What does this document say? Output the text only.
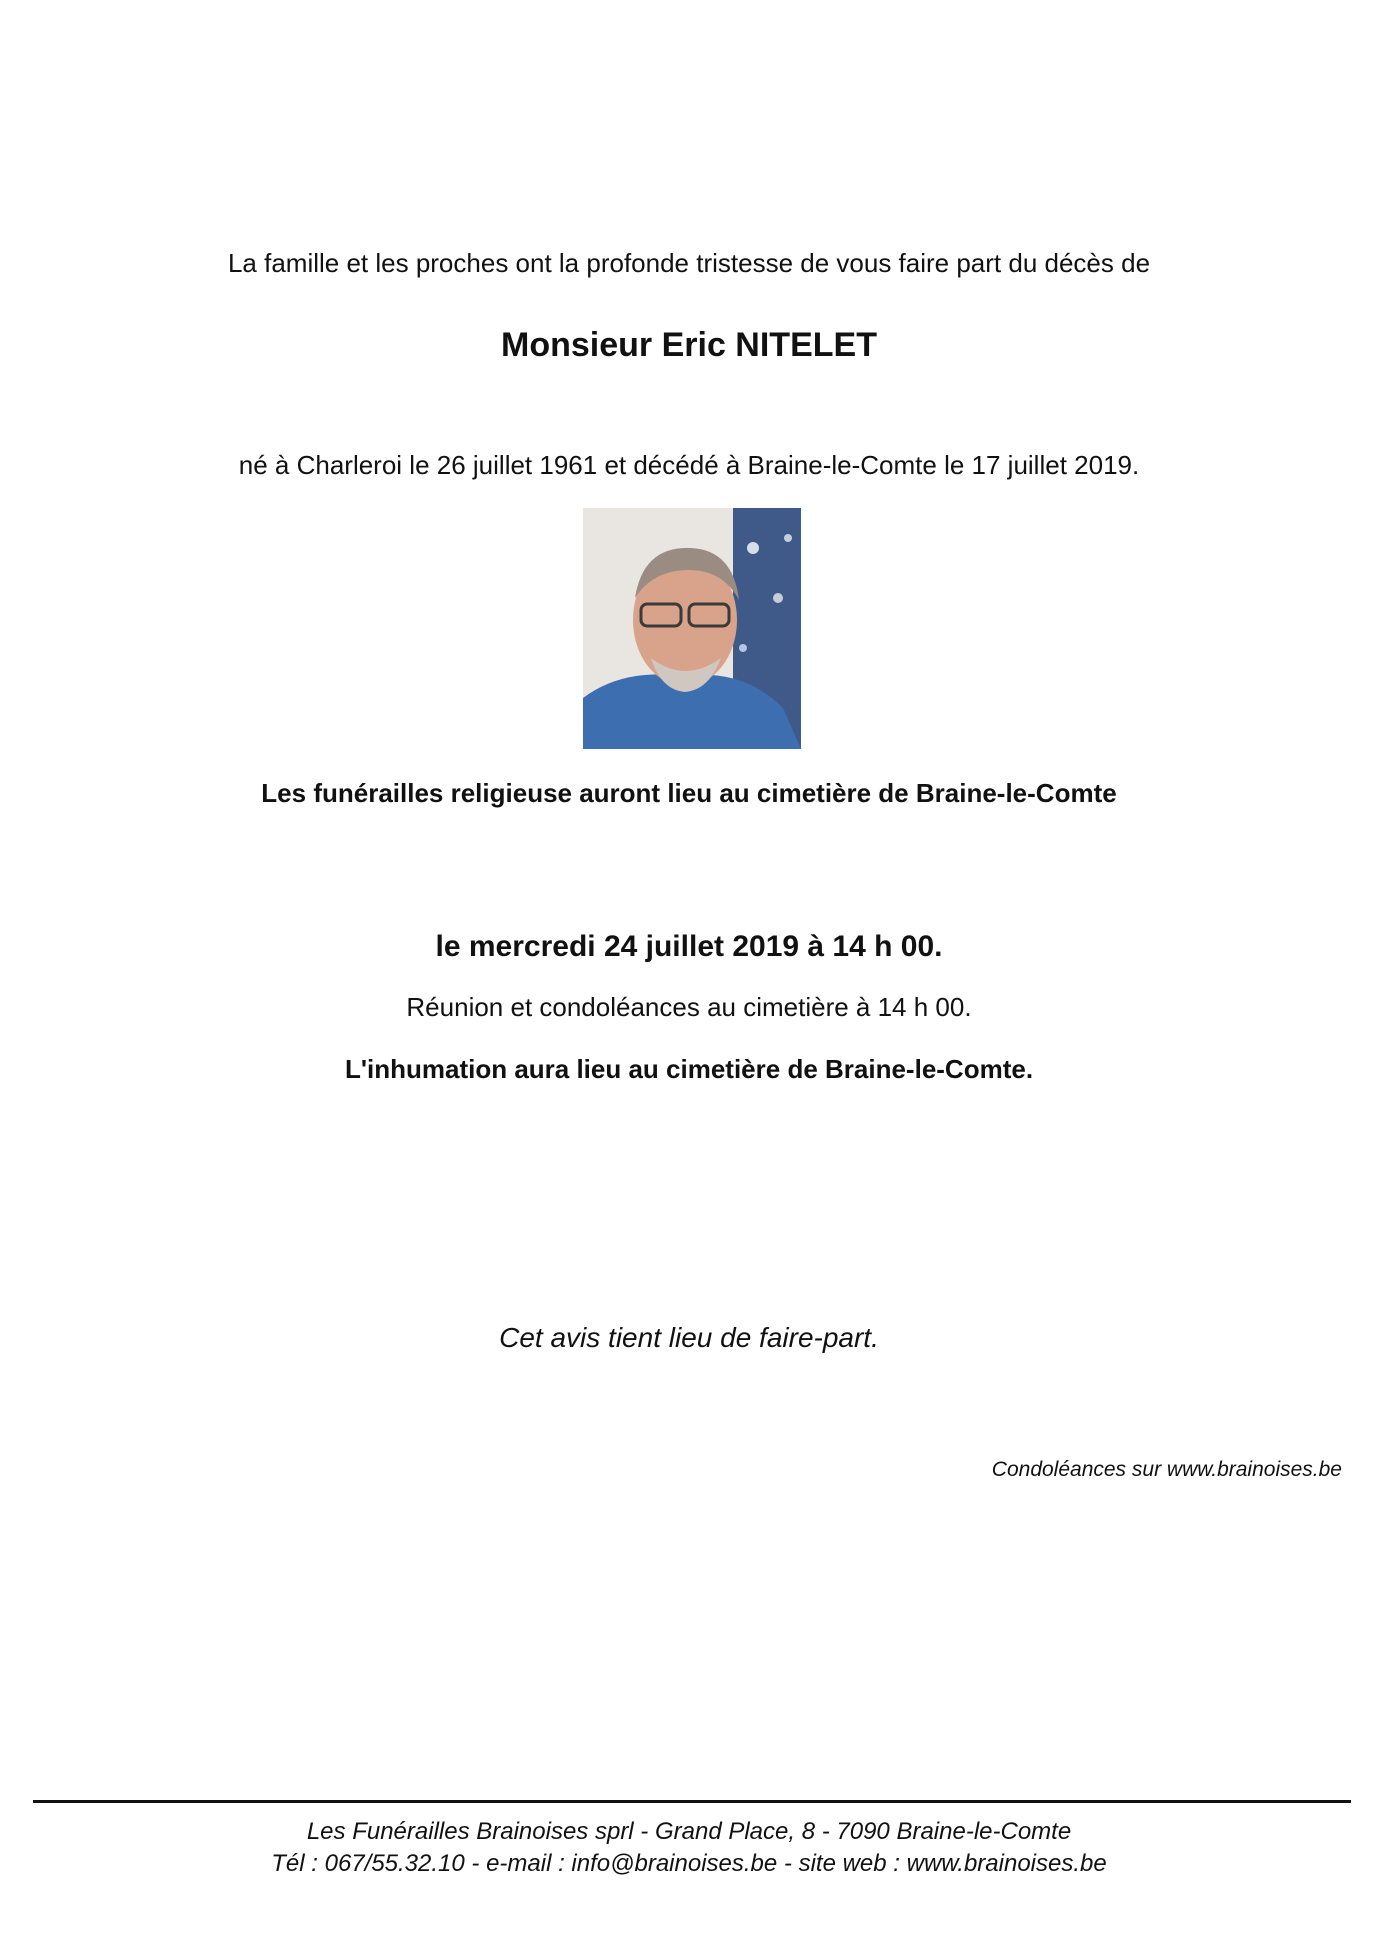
La famille et les proches ont la profonde tristesse de vous faire part du décès de
Monsieur Eric NITELET
né à Charleroi le 26 juillet 1961 et décédé à Braine-le-Comte le 17 juillet 2019.
Les funérailles religieuse auront lieu au cimetière de Braine-le-Comte
le mercredi 24 juillet 2019 à 14 h 00.
Réunion et condoléances au cimetière à 14 h 00.
L'inhumation aura lieu au cimetière de Braine-le-Comte.
Cet avis tient lieu de faire-part.
Condoléances sur www.brainoises.be
Les Funérailles Brainoises sprl - Grand Place, 8 - 7090 Braine-le-Comte
Tél : 067/55.32.10 - e-mail : info@brainoises.be - site web : www.brainoises.be
